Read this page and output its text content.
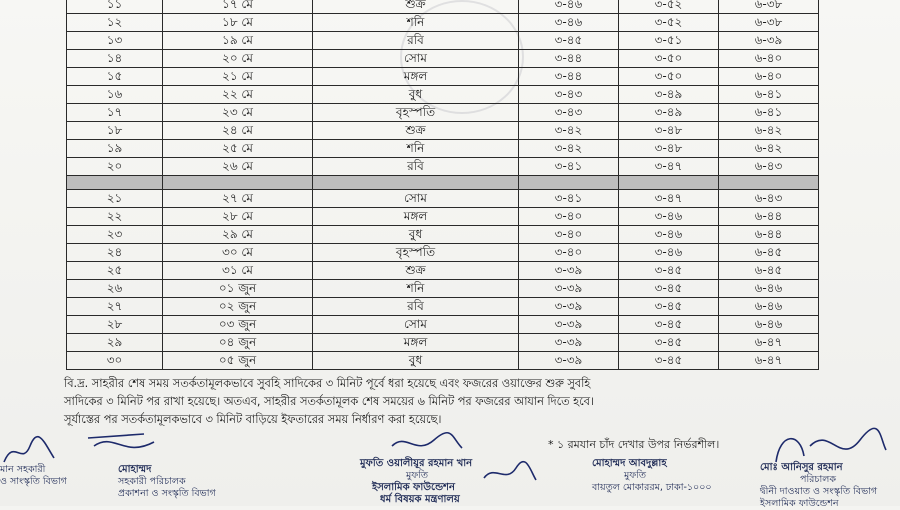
১১	১৭ মে	শুক্র	৩-৪৬	৩-৫২	৬-৩৮
১২	১৮ মে	শনি	৩-৪৬	৩-৫২	৬-৩৮
১৩	১৯ মে	রবি	৩-৪৫	৩-৫১	৬-৩৯
১৪	২০ মে	সোম	৩-৪৪	৩-৫০	৬-৪০
১৫	২১ মে	মঙ্গল	৩-৪৪	৩-৫০	৬-৪০
১৬	২২ মে	বুধ	৩-৪৩	৩-৪৯	৬-৪১
১৭	২৩ মে	বৃহস্পতি	৩-৪৩	৩-৪৯	৬-৪১
১৮	২৪ মে	শুক্র	৩-৪২	৩-৪৮	৬-৪২
১৯	২৫ মে	শনি	৩-৪২	৩-৪৮	৬-৪২
২০	২৬ মে	রবি	৩-৪১	৩-৪৭	৬-৪৩

২১	২৭ মে	সোম	৩-৪১	৩-৪৭	৬-৪৩
২২	২৮ মে	মঙ্গল	৩-৪০	৩-৪৬	৬-৪৪
২৩	২৯ মে	বুধ	৩-৪০	৩-৪৬	৬-৪৪
২৪	৩০ মে	বৃহস্পতি	৩-৪০	৩-৪৬	৬-৪৫
২৫	৩১ মে	শুক্র	৩-৩৯	৩-৪৫	৬-৪৫
২৬	০১ জুন	শনি	৩-৩৯	৩-৪৫	৬-৪৬
২৭	০২ জুন	রবি	৩-৩৯	৩-৪৫	৬-৪৬
২৮	০৩ জুন	সোম	৩-৩৯	৩-৪৫	৬-৪৬
২৯	০৪ জুন	মঙ্গল	৩-৩৯	৩-৪৫	৬-৪৭
৩০	০৫ জুন	বুধ	৩-৩৯	৩-৪৫	৬-৪৭

বি.দ্র. সাহরীর শেষ সময় সতর্কতামূলকভাবে সুবহি সাদিকের ৩ মিনিট পূর্বে ধরা হয়েছে এবং ফজরের ওয়াক্তের শুরু সুবহি

সাদিকের ৩ মিনিট পর রাখা হয়েছে। অতএব, সাহরীর সতর্কতামূলক শেষ সময়ের ৬ মিনিট পর ফজরের আযান দিতে হবে।

সূর্যাস্তের পর সতর্কতামূলকভাবে ৩ মিনিট বাড়িয়ে ইফতারের সময় নির্ধারণ করা হয়েছে।

* ১ রমযান চাঁদ দেখার উপর নির্ভরশীল।
মান সহকারী
ও সাংস্কৃতি বিভাগ
মোহাম্মদ
সহকারী পরিচালক
প্রকাশনা ও সংস্কৃতি বিভাগ
মুফতি ওয়ালীয়ূর রহমান খান
মুফতি
ইসলামিক ফাউন্ডেশন
ধর্ম বিষয়ক মন্ত্রণালয়
মোহাম্মদ আবদুল্লাহ
মুফতি
বায়তুল মোকাররম, ঢাকা-১০০০
মোঃ আনিসুর রহমান
পরিচালক
দ্বীনী দাওয়াত ও সংস্কৃতি বিভাগ
ইসলামিক ফাউন্ডেশন
